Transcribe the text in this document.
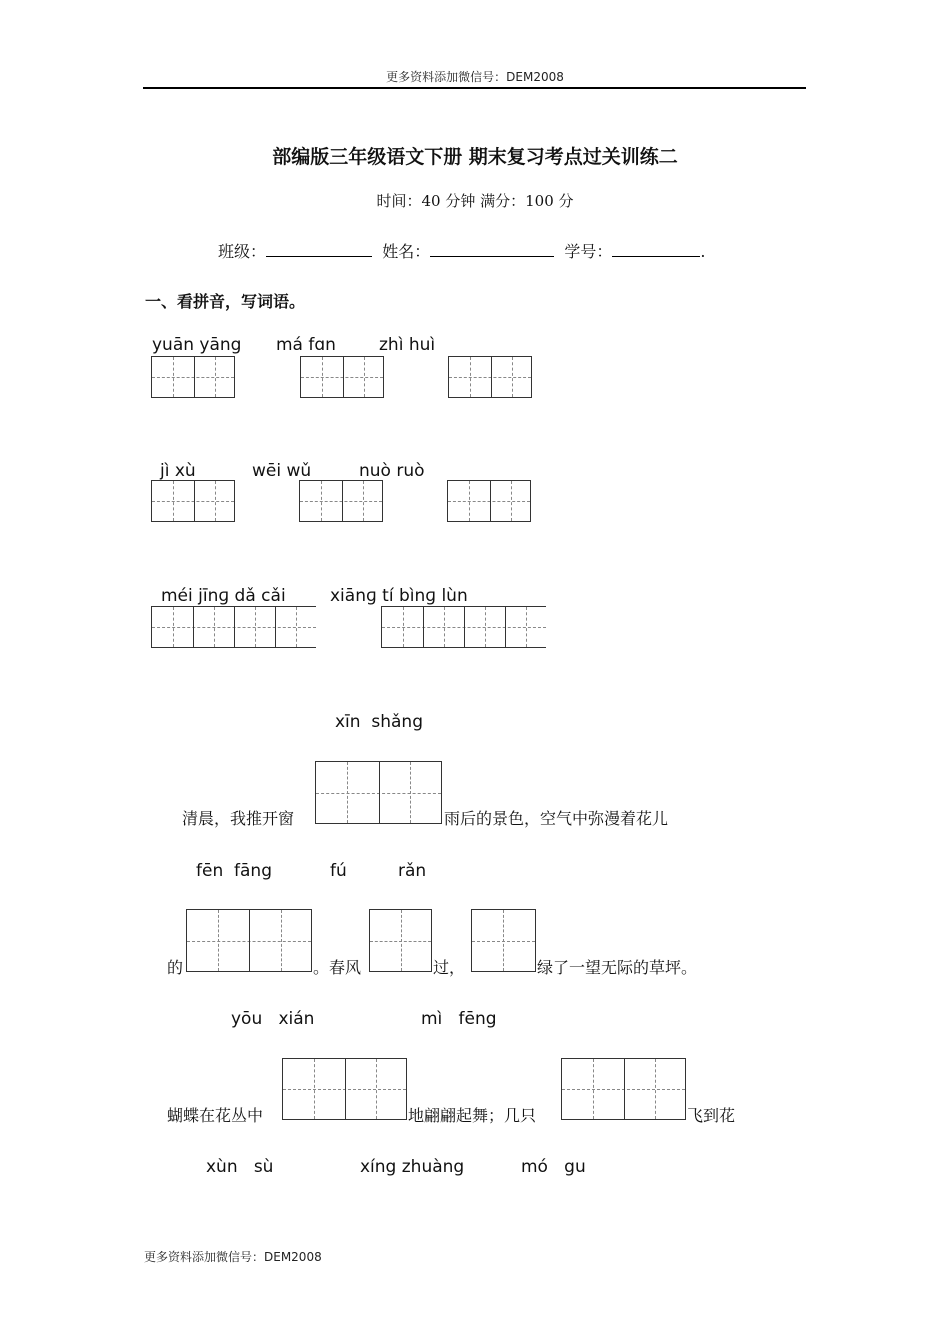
更多资料添加微信号：DEM2008
部编版三年级语文下册 期末复习考点过关训练二
时间：40 分钟 满分：100 分
班级：	姓名：	学号：	.
一、看拼音，写词语。
yuān yāng má fɑn	zhì huì
jì xù	wēi wǔ	nuò ruò
méi jīnɡ dǎ cǎi	xiānɡ tí bìnɡ lùn
xīn  shǎng
清晨，我推开窗	雨后的景色，空气中弥漫着花儿
fēn  fāng	fú	rǎn
的	。春风	过，	绿了一望无际的草坪。
yōu   xián	mì   fēng
蝴蝶在花丛中	地翩翩起舞；几只	飞到花
xùn   sù	xíng zhuàng	mó   gu
更多资料添加微信号：DEM2008
